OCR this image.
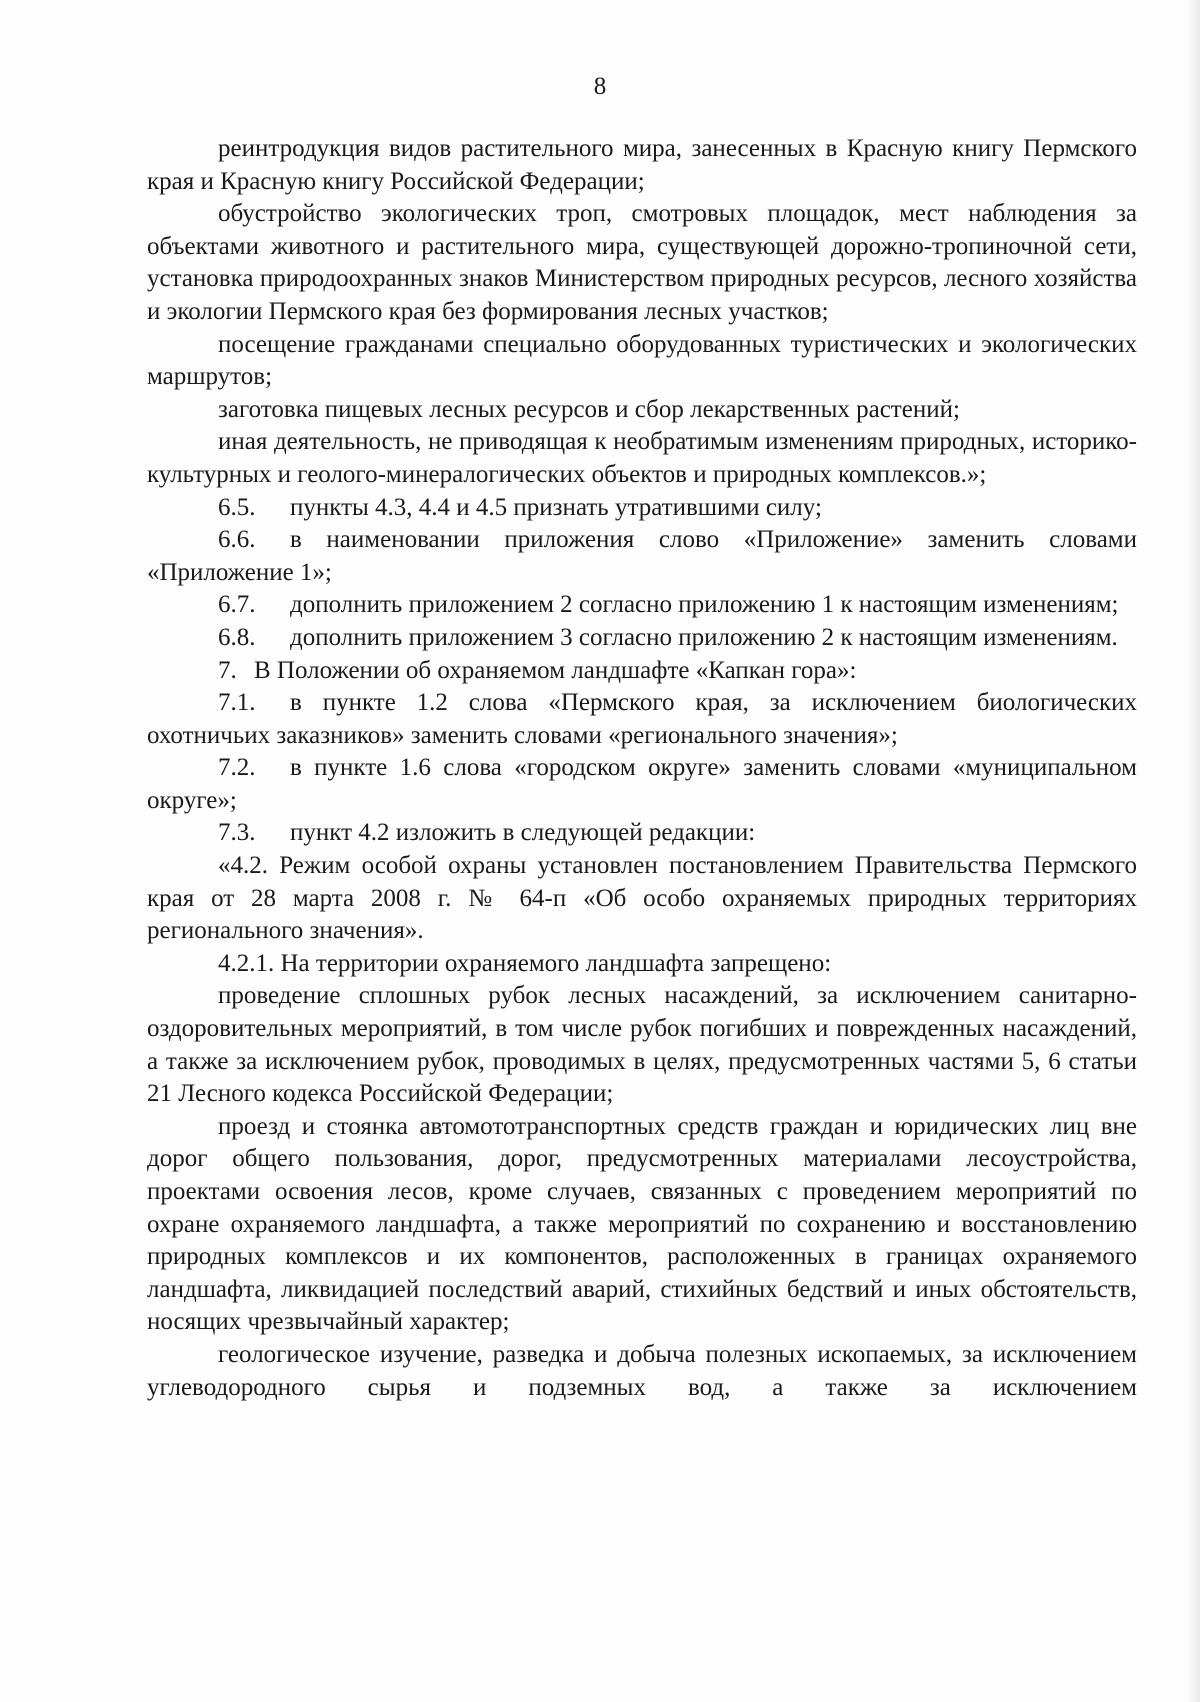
8

реинтродукция видов растительного мира, занесенных в Красную книгу Пермского края и Красную книгу Российской Федерации;

обустройство экологических троп, смотровых площадок, мест наблюдения за объектами животного и растительного мира, существующей дорожно-тропиночной сети, установка природоохранных знаков Министерством природных ресурсов, лесного хозяйства и экологии Пермского края без формирования лесных участков;

посещение гражданами специально оборудованных туристических и экологических маршрутов;

заготовка пищевых лесных ресурсов и сбор лекарственных растений;

иная деятельность, не приводящая к необратимым изменениям природных, историко-культурных и геолого-минералогических объектов и природных комплексов.»;

6.5. пункты 4.3, 4.4 и 4.5 признать утратившими силу;

6.6. в наименовании приложения слово «Приложение» заменить словами «Приложение 1»;

6.7. дополнить приложением 2 согласно приложению 1 к настоящим изменениям;

6.8. дополнить приложением 3 согласно приложению 2 к настоящим изменениям.

7. В Положении об охраняемом ландшафте «Капкан гора»:

7.1. в пункте 1.2 слова «Пермского края, за исключением биологических охотничьих заказников» заменить словами «регионального значения»;

7.2. в пункте 1.6 слова «городском округе» заменить словами «муниципальном округе»;

7.3. пункт 4.2 изложить в следующей редакции:

«4.2. Режим особой охраны установлен постановлением Правительства Пермского края от 28 марта 2008 г. № 64-п «Об особо охраняемых природных территориях регионального значения».

4.2.1. На территории охраняемого ландшафта запрещено:

проведение сплошных рубок лесных насаждений, за исключением санитарно-оздоровительных мероприятий, в том числе рубок погибших и поврежденных насаждений, а также за исключением рубок, проводимых в целях, предусмотренных частями 5, 6 статьи 21 Лесного кодекса Российской Федерации;

проезд и стоянка автомототранспортных средств граждан и юридических лиц вне дорог общего пользования, дорог, предусмотренных материалами лесоустройства, проектами освоения лесов, кроме случаев, связанных с проведением мероприятий по охране охраняемого ландшафта, а также мероприятий по сохранению и восстановлению природных комплексов и их компонентов, расположенных в границах охраняемого ландшафта, ликвидацией последствий аварий, стихийных бедствий и иных обстоятельств, носящих чрезвычайный характер;

геологическое изучение, разведка и добыча полезных ископаемых, за исключением углеводородного сырья и подземных вод, а также за исключением
